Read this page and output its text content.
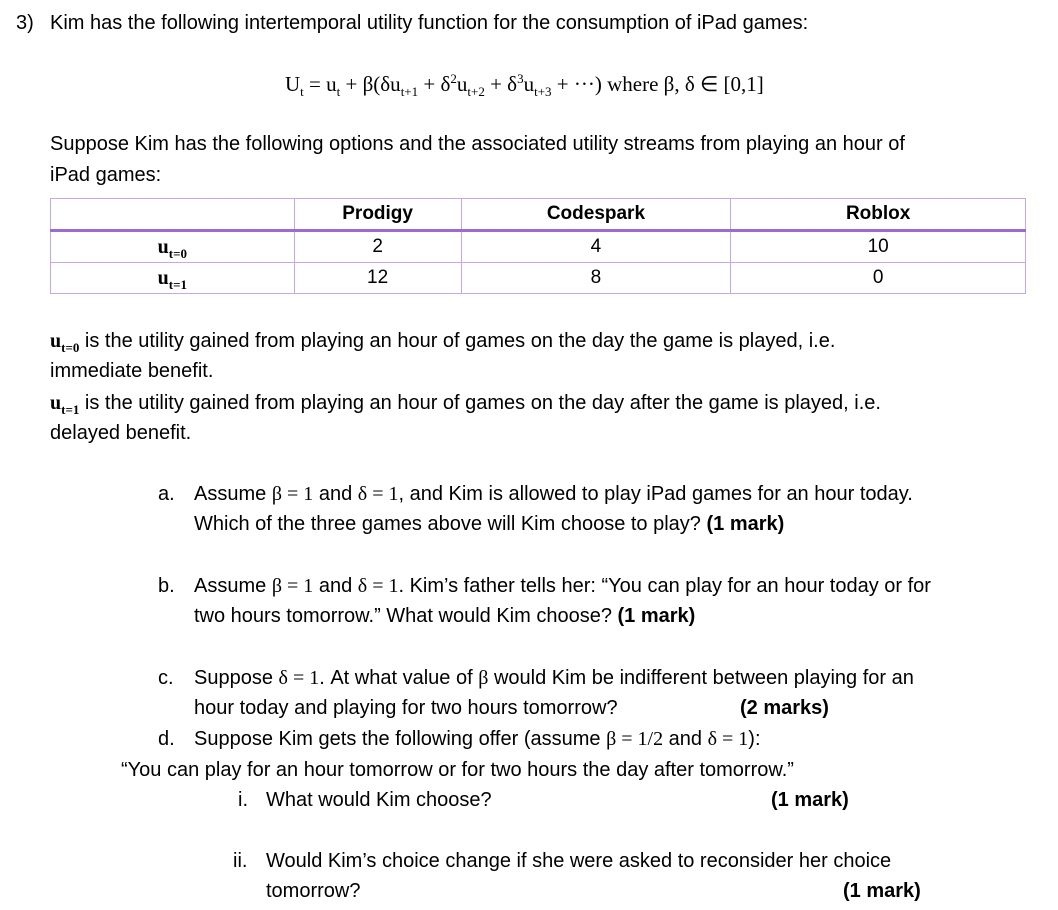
3) Kim has the following intertemporal utility function for the consumption of iPad games:
$U_t = u_t + \beta(\delta u_{t+1} + \delta^2u_{t+2} + \delta^3u_{t+3}$ + ···) where β, δ ∈ [0,1]
Suppose Kim has the following options and the associated utility streams from playing an hour of
iPad games:
	Prodigy	Codespark	Roblox
$u_{t=0}$	2	4	10
$u_{t=1}$	12	8	0
$u_{t=0}$ is the utility gained from playing an hour of games on the day the game is played, i.e.
immediate benefit.
$u_{t=1}$ is the utility gained from playing an hour of games on the day after the game is played, i.e.
delayed benefit.
a. Assume β = 1 and δ = 1, and Kim is allowed to play iPad games for an hour today.
Which of the three games above will Kim choose to play? (1 mark)
b. Assume β = 1 and δ = 1. Kim’s father tells her: “You can play for an hour today or for
two hours tomorrow.” What would Kim choose? (1 mark)
c. Suppose δ = 1. At what value of β would Kim be indifferent between playing for an
hour today and playing for two hours tomorrow?	(2 marks)
d. Suppose Kim gets the following offer (assume β = 1/2 and δ = 1):
“You can play for an hour tomorrow or for two hours the day after tomorrow.”
i. What would Kim choose?	(1 mark)
ii. Would Kim’s choice change if she were asked to reconsider her choice
tomorrow?	(1 mark)
